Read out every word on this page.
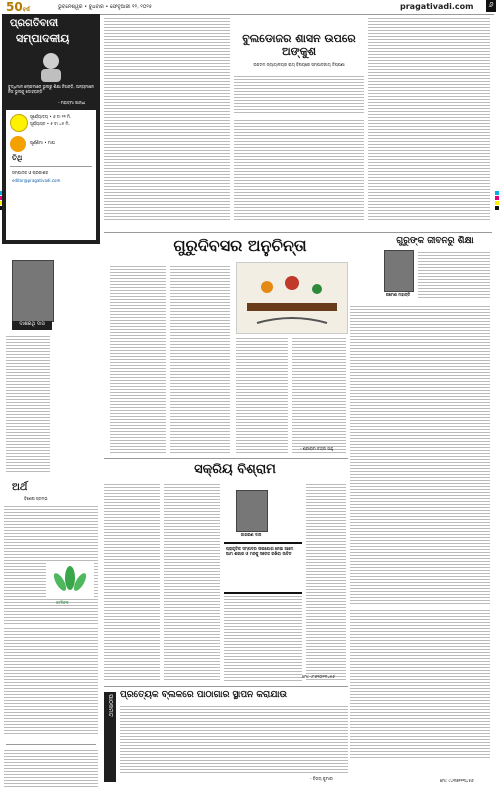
50ବର୍ଷ	ଭୁବନେଶ୍ୱର • ବୁଧବାର • ଫେବୃଆରୀ ୧୨, ୨୦୨୫	pragativadi.com	୬
ପ୍ରଗତିବାଦୀ
ସମ୍ପାଦକୀୟ
ବୁଦ୍ଧିମାନ ଲୋକମାନେ ଭୁଲରୁ ଶିକ୍ଷା ନିଅନ୍ତି, ଅନ୍ୟମାନେ ନିଜ ଭୁଲକୁ ଦୋହରାନ୍ତି
- ମହାତ୍ମା ଗାନ୍ଧୀ
ସୂର୍ଯ୍ୟୋଦୟ • ୬ ଟା ୨୨ ମି.
ସୂର୍ଯ୍ୟାସ୍ତ • ୫ ଟା ୪୫ ମି.
ତିଥି
ପୂର୍ଣ୍ଣିମା • ମାଘ
ସମ୍ପାଦକ ଓ ପ୍ରକାଶକ
editor@pragativadi.com
ଦାଶରଥି ଦାସ
ଅର୍ଥ
ବିଶେଷ ସ୍ତମ୍ଭ
କର୍ମଫଳ
ବୁଲଡୋଜର ଶାସନ ଉପରେ ଅଙ୍କୁଶ
ଉଚ୍ଚତମ ନ୍ୟାୟାଳୟର ରାୟ ବିଷୟରେ ସମ୍ପାଦକୀୟ ଟିପ୍ପଣୀ
ଗୁରୁଦିବସର ଅନୁଚିନ୍ତା
- ଶ୍ରୀରାମ ଚନ୍ଦ୍ର ସାହୁ
ଗୁରୁଙ୍କ ଜୀବନରୁ ଶିକ୍ଷା
ରମେଶ ମହାନ୍ତି
ମୋ: ୯୪୩୭୧୨୩୪୫୬
ସକ୍ରିୟ ବିଶ୍ରାମ
ଜାଗରଣ ଦାସ
ପ୍ରାକୃତିକ ସମ୍ପଦର ଉପଯୋଗ ନେଇ ଆମେ ଆମ ଶରୀର ଓ ମନକୁ ସତେଜ ରଖିବା ଉଚିତ
ମୋ: ୯୮୬୧୦୨୩୪୫୬
ପାଠକମତ ପ୍ରତ୍ୟେକ ବ୍ଲକରେ ପାଠାଗାର ସ୍ଥାପନ କରାଯାଉ
- ବିଜୟ କୁମାର
